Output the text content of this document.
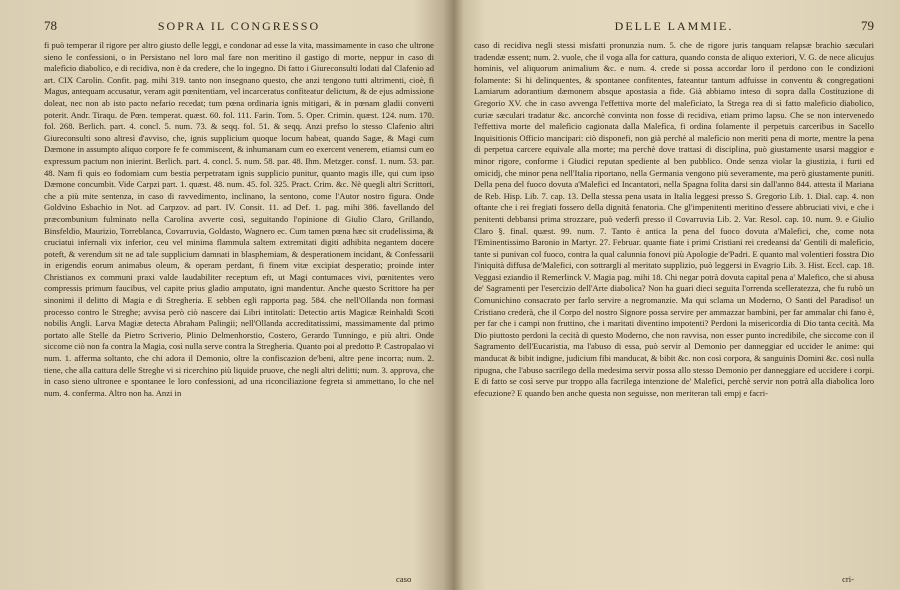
78	SOPRA IL CONGRESSO

fi può temperar il rigore per altro giusto delle leggi, e condonar ad esse la vita, massimamente in caso che ultrone sieno le confessioni, o in Persistano nel loro mal fare non meritino il gastigo di morte, neppur in caso di malefìcio diabolico, e di recidiva, non è da credere, che lo ingegno. Di fatto i Giureconsulti lodati dal Clafenio ad art. CIX Carolin. Confit. pag. mihi 319. tanto non insegnano questo, che anzi tengono tutti altrimenti, cioè, fi Magus, antequam accusatur, veram agit pœnitentiam, vel incarceratus confiteatur delictum, & de ejus admissione doleat, nec non ab isto pacto nefario recedat; tum pœna ordinaria ignis mitigari, & in pœnam gladii converti poterit. Andr. Tiraqu. de Pœn. temperat. quæst. 60. fol. 111. Farin. Tom. 5. Oper. Crimin. quæst. 124. num. 170. fol. 268. Berlich. part. 4. concl. 5. num. 73. & seqq. fol. 51. & seqq. Anzi prefso lo stesso Clafenio altri Giureconsulti sono altresì d'avviso, che, ignis supplicium quoque locum habeat, quando Sagæ, & Magi cum Dæmone in assumpto aliquo corpore fe fe commiscent, & inhumanam cum eo exercent venerem, etiamsi cum eo expressum pactum non inierint. Berlich. part. 4. concl. 5. num. 58. par. 48. Ihm. Metzger. consf. 1. num. 53. par. 48. Nam fi quis eo fodomiam cum bestia perpetratam ignis supplicio punitur, quanto magis ille, qui cum ipso Dæmone concumbit. Vide Carpzi part. 1. quæst. 48. num. 45. fol. 325. Pract. Crim. &c. Nè quegli altri Scrittori, che a più mite sentenza, in caso di ravvedimento, inclinano, la sentono, come l'Autor nostro figura. Onde Goldvino Esbachio in Not. ad Carpzov. ad part. IV. Consit. 11. ad Def. 1. pag. mihi 386. favellando del præcombunium fulminato nella Carolina avverte così, seguitando l'opinione di Giulio Claro, Grillando, Binsfeldio, Maurizio, Torreblanca, Covarruvia, Goldasto, Wagnero ec. Cum tamen pœna hæc sit crudelissima, & cruciatui infernali vix inferior, ceu vel minima flammula saltem extremitati digiti adhibita negantem docere poteft, & verendum sit ne ad tale supplicium damnati in blasphemiam, & desperationem incidant, & Confessarii in erigendis eorum animabus oleum, & operam perdant, fi finem vitæ excipiat desperatio; proinde inter Christianos ex communi praxi valde laudabiliter receptum eft, ut Magi contumaces vivi, pœnitentes vero compressis primum faucibus, vel capite prius gladio amputato, igni mandentur. Anche questo Scrittore ha per sinonimi il delitto di Magia e di Stregheria. E sebben egli rapporta pag. 584. che nell'Ollanda non formasi processo contro le Streghe; avvisa però ciò nascere dai Libri intitolati: Detectio artis Magicæ Reinhaldi Scoti nobilis Angli. Larva Magiæ detecta Abraham Palingii; nell'Ollanda accreditatissimi, massimamente dal primo portato alle Stelle da Pietro Scriverio, Plinio Delmenhorstio, Costero, Gerardo Tunningo, e più altri. Onde siccome ciò non fa contra la Magia, così nulla serve contra la Stregheria. Quanto poi al predotto P. Castropalao vi num. 1. afferma soltanto, che chi adora il Demonio, oltre la confiscazion de'beni, altre pene incorra; num. 2. tiene, che alla cattura delle Streghe vi si ricerchino più liquide pruove, che negli altri delitti; num. 3. approva, che in caso sieno ultronee e spontanee le loro confessioni, ad una riconciliazione fegreta si ammettano, lo che nel num. 4. conferma. Altro non ha. Anzi in

caso
DELLE LAMMIE.	79

caso di recidiva negli stessi misfatti pronunzia num. 5. che de rigore juris tanquam relapsæ brachio sæculari tradendæ essent; num. 2. vuole, che il voga alla for cattura, quando consta de aliquo exteriori, V. G. de nece alicujus hominis, vel aliquorum animalium &c. e num. 4. crede si possa accordar loro il perdono con le condizioni folamente: Si hi delinquentes, & spontanee confitentes, fateantur tantum adfuisse in conventu & congregationi Lamiarum adorantium dæmonem absque apostasia a fide. Già abbiamo inteso di sopra dalla Costituzione di Gregorio XV. che in caso avvenga l'effettiva morte del malefìciato, la Strega rea di sì fatto maleficio diabolico, curiæ sæculari tradatur &c. ancorchè convinta non fosse di recidiva, etiam primo lapsu. Che se non intervenedo l'effettiva morte del malefìcio cagionata dalla Malefìca, fi ordina folamente il perpetuis carceribus in Sacello Inquisitionis Officio mancipari: ciò disponefi, non già perchè al malefìcio non meriti pena di morte, mentre la pena di perpetua carcere equivale alla morte; ma perchè dove trattasi di disciplina, può giustamente usarsi maggior e minor rigore, conforme i Giudici reputan spediente al ben pubblico. Onde senza violar la giustizia, i furti ed omicidj, che minor pena nell'Italia riportano, nella Germania vengono più severamente, ma però giustamente puniti. Della pena del fuoco dovuta a'Malefici ed Incantatori, nella Spagna folita darsi sin dall'anno 844. attesta il Mariana de Reb. Hisp. Lib. 7. cap. 13. Della stessa pena usata in Italia leggesi presso S. Gregorio Lib. 1. Dial. cap. 4. non oftante che i rei fregiati fossero della dignità fenatoria. Che gl'impenitenti meritino d'essere abbruciati vivi, e che i penitenti debbansi prima strozzare, può vederfi presso il Covarruvia Lib. 2. Var. Resol. cap. 10. num. 9. e Giulio Claro §. final. quæst. 99. num. 7. Tanto è antica la pena del fuoco dovuta a'Malefici, che, come nota l'Eminentissimo Baronio in Martyr. 27. Februar. quante fiate i primi Cristiani rei credeansi da' Gentili di malefìcio, tante si punivan col fuoco, contra la qual calunnia fonovi più Apologie de'Padri. E quanto mal volentieri fosstra Dio l'iniquità diffusa de'Malefici, con sottrargli al meritato supplizio, può leggersi in Evagrio Lib. 3. Hist. Eccl. cap. 18. Veggasi eziandio il Remerlinck V. Magia pag. mihi 18. Chi negar potrà dovuta capital pena a' Malefico, che si abusa de' Sagramenti per l'esercizio dell'Arte diabolica? Non ha guari dieci seguita l'orrenda scelleratezza, che fu rubò un Comunichino consacrato per farlo servire a negromanzie. Ma qui sclama un Moderno, O Santi del Paradiso! un Cristiano crederà, che il Corpo del nostro Signore possa servire per ammazzar bambini, per far ammalar chi fano è, per far che i campi non fruttino, che i maritati diventino impotenti? Perdoni la misericordia di Dio tanta cecità. Ma Dio piuttosto perdoni la cecità di questo Moderno, che non ravvisa, non esser punto incredibile, che siccome con il Sagramento dell'Eucaristia, ma l'abuso di essa, può servir al Demonio per danneggiar ed uccider le anime: qui manducat & bibit indigne, judicium fibi manducat, & bibit &c. non così corpora, & sanguinis Domini &c. così nulla ripugna, che l'abuso sacrilego della medesima servir possa allo stesso Demonio per danneggiare ed uccidere i corpi. E di fatto se così serve pur troppo alla facrilega intenzione de' Malefìci, perchè servir non potrà alla diabolica loro efecuzione? E quando ben anche questa non seguisse, non meriteran tali empj e facri-

cri-
